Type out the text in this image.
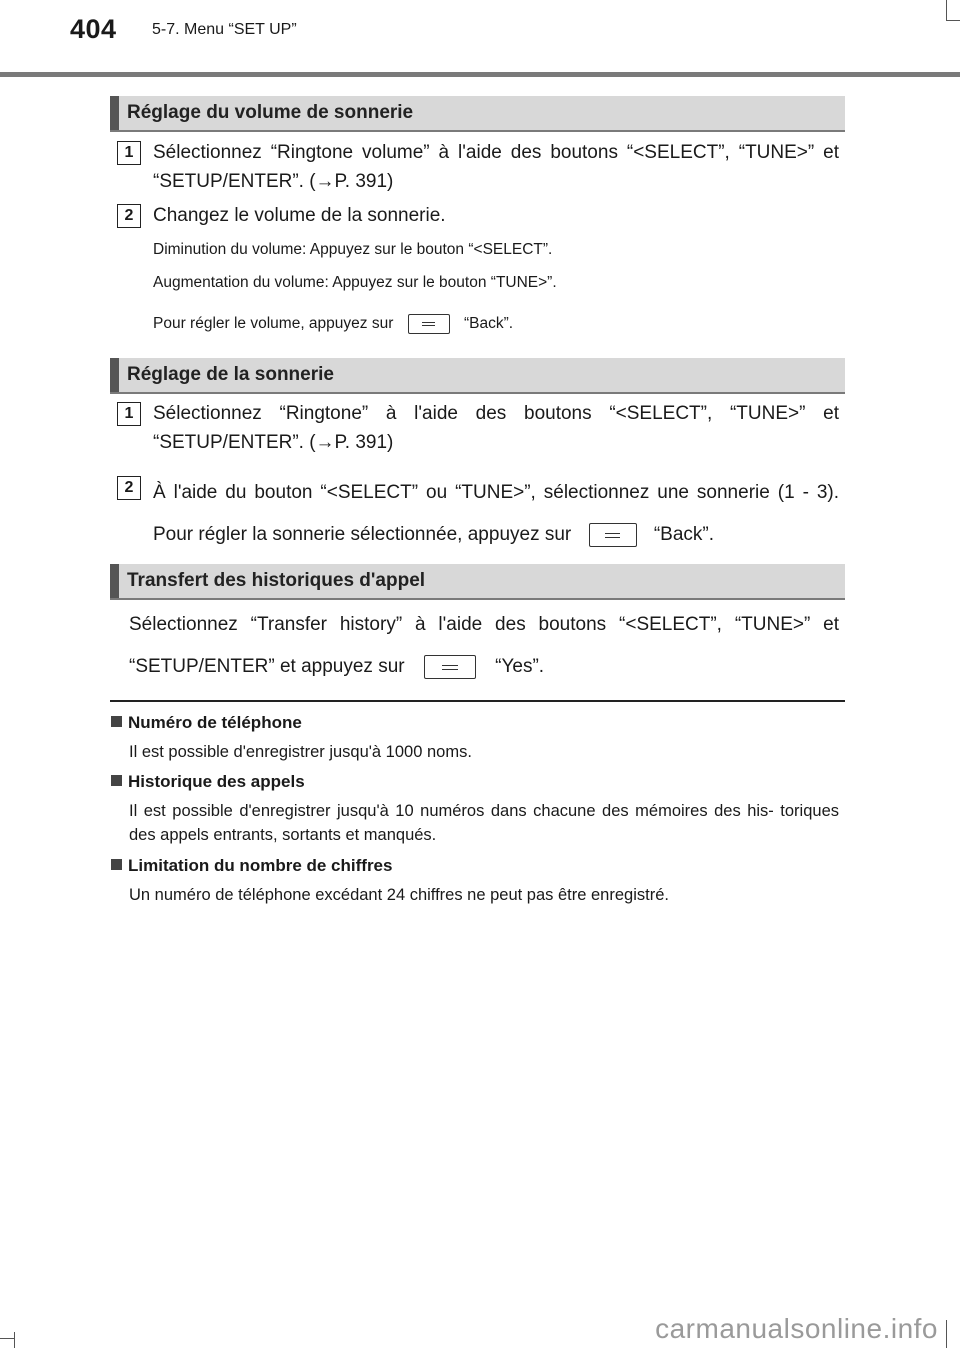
404 5-7. Menu “SET UP”
Réglage du volume de sonnerie
1	Sélectionnez “Ringtone volume” à l'aide des boutons “<SELECT”, “TUNE>” et “SETUP/ENTER”. (→P. 391)
2	Changez le volume de la sonnerie.
Diminution du volume: Appuyez sur le bouton “<SELECT”.
Augmentation du volume: Appuyez sur le bouton “TUNE>”.
Pour régler le volume, appuyez sur	“Back”.
Réglage de la sonnerie
1	Sélectionnez “Ringtone” à l'aide des boutons “<SELECT”, “TUNE>” et “SETUP/ENTER”. (→P. 391)
2	À l'aide du bouton “<SELECT” ou “TUNE>”, sélectionnez une sonnerie (1 - 3). Pour régler la sonnerie sélectionnée, appuyez sur	“Back”.
Transfert des historiques d'appel
Sélectionnez “Transfer history” à l'aide des boutons “<SELECT”, “TUNE>” et “SETUP/ENTER” et appuyez sur	“Yes”.
Numéro de téléphone
Il est possible d'enregistrer jusqu'à 1000 noms.
Historique des appels
Il est possible d'enregistrer jusqu'à 10 numéros dans chacune des mémoires des his- toriques des appels entrants, sortants et manqués.
Limitation du nombre de chiffres
Un numéro de téléphone excédant 24 chiffres ne peut pas être enregistré.
carmanualsonline.info
